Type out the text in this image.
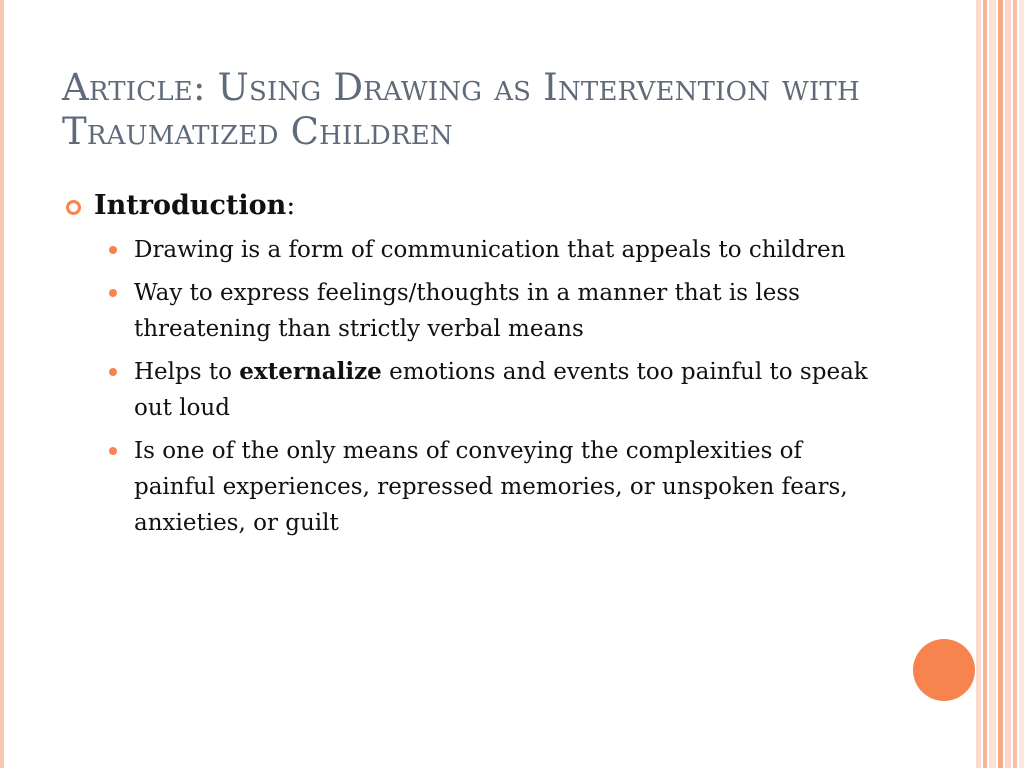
Article: Using Drawing as Intervention with Traumatized Children
Introduction:
Drawing is a form of communication that appeals to children
Way to express feelings/thoughts in a manner that is less threatening than strictly verbal means
Helps to externalize emotions and events too painful to speak out loud
Is one of the only means of conveying the complexities of painful experiences, repressed memories, or unspoken fears, anxieties, or guilt
